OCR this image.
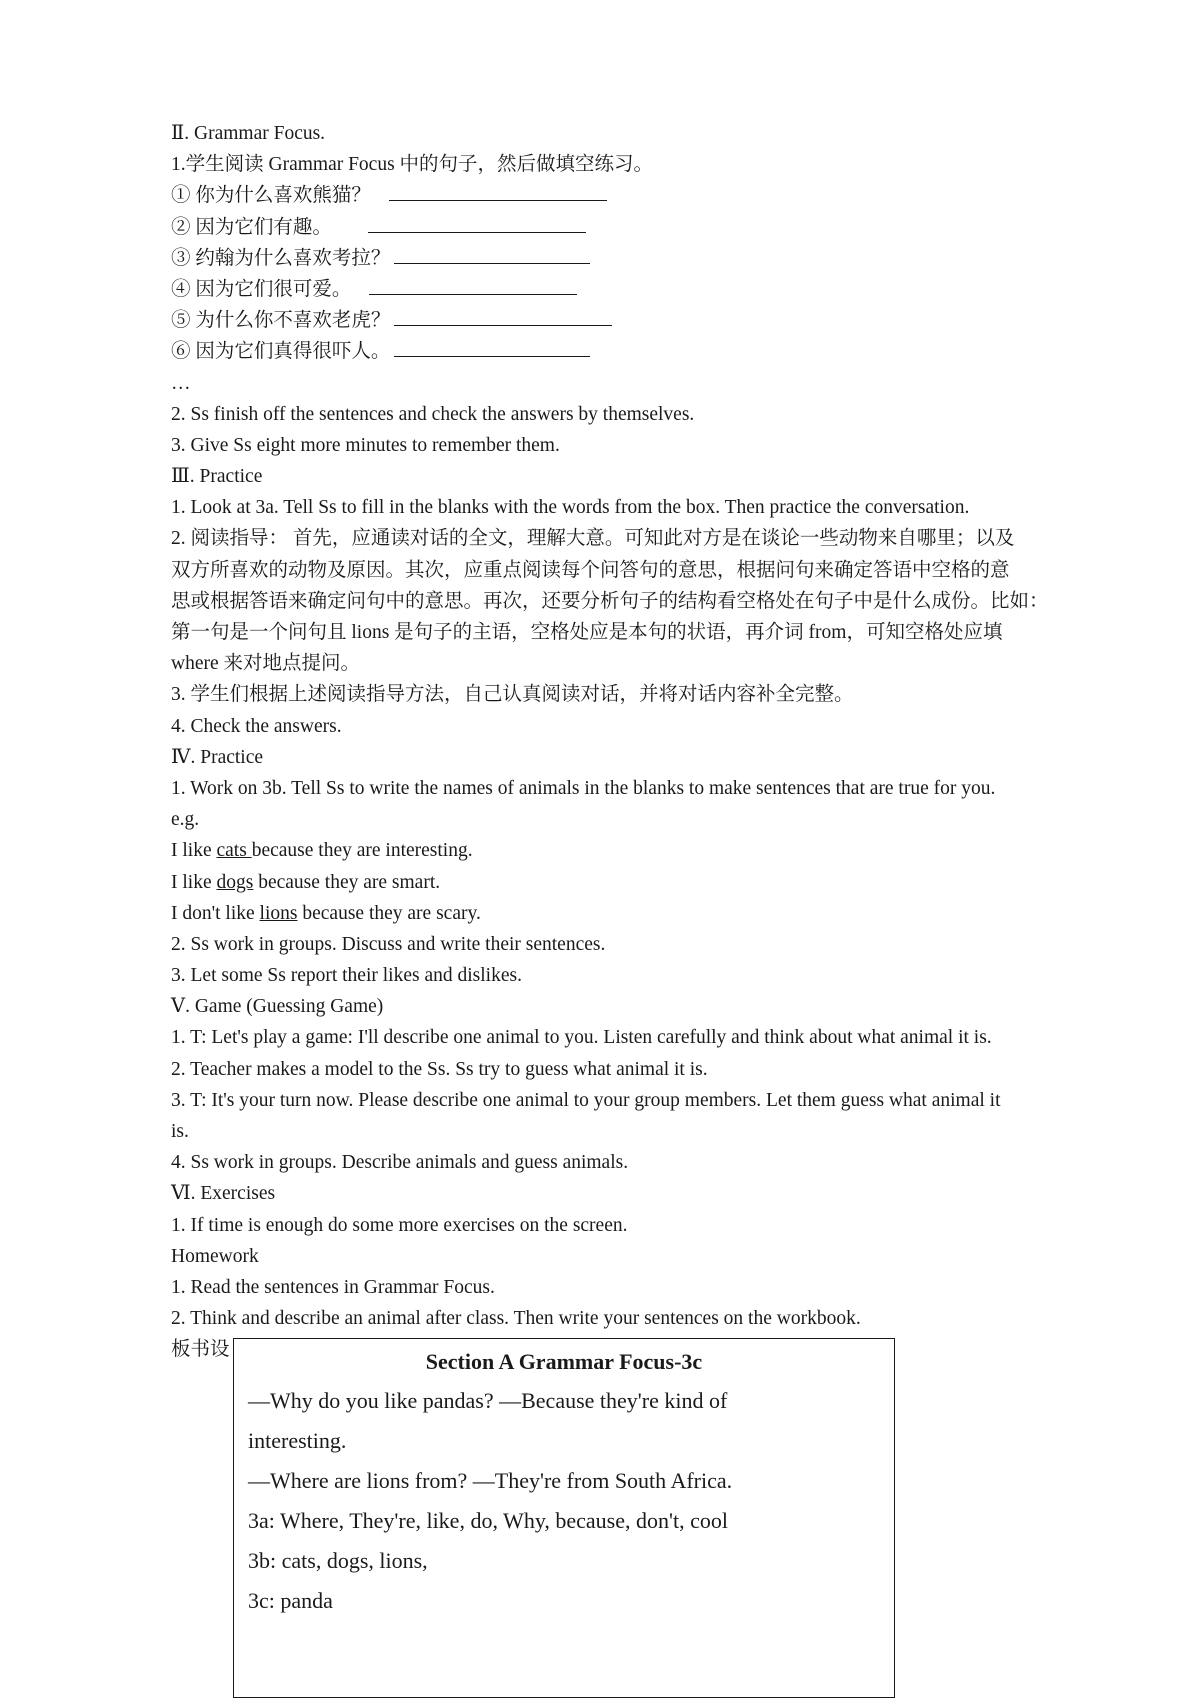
Ⅱ. Grammar Focus.
1.学生阅读 Grammar Focus 中的句子，然后做填空练习。
① 你为什么喜欢熊猫？
② 因为它们有趣。
③ 约翰为什么喜欢考拉？
④ 因为它们很可爱。
⑤ 为什么你不喜欢老虎？
⑥ 因为它们真得很吓人。
…
2. Ss finish off the sentences and check the answers by themselves.
3. Give Ss eight more minutes to remember them.
Ⅲ. Practice
1. Look at 3a. Tell Ss to fill in the blanks with the words from the box. Then practice the conversation.
2. 阅读指导： 首先，应通读对话的全文，理解大意。可知此对方是在谈论一些动物来自哪里；以及
双方所喜欢的动物及原因。其次，应重点阅读每个问答句的意思，根据问句来确定答语中空格的意
思或根据答语来确定问句中的意思。再次，还要分析句子的结构看空格处在句子中是什么成份。比如：
第一句是一个问句且 lions 是句子的主语，空格处应是本句的状语，再介词 from，可知空格处应填
where 来对地点提问。
3. 学生们根据上述阅读指导方法，自己认真阅读对话，并将对话内容补全完整。
4. Check the answers.
Ⅳ. Practice
1. Work on 3b. Tell Ss to write the names of animals in the blanks to make sentences that are true for you.
e.g.
I like cats because they are interesting.
I like dogs because they are smart.
I don't like lions because they are scary.
2. Ss work in groups. Discuss and write their sentences.
3. Let some Ss report their likes and dislikes.
Ⅴ. Game (Guessing Game)
1. T: Let's play a game: I'll describe one animal to you. Listen carefully and think about what animal it is.
2. Teacher makes a model to the Ss. Ss try to guess what animal it is.
3. T: It's your turn now. Please describe one animal to your group members. Let them guess what animal it
is.
4. Ss work in groups. Describe animals and guess animals.
Ⅵ. Exercises
1. If time is enough do some more exercises on the screen.
Homework
1. Read the sentences in Grammar Focus.
2. Think and describe an animal after class. Then write your sentences on the workbook.
板书设	Section A Grammar Focus-3c
—Why do you like pandas? —Because they're kind of
interesting.
—Where are lions from? —They're from South Africa.
3a: Where, They're, like, do, Why, because, don't, cool
3b: cats, dogs, lions,
3c: panda
